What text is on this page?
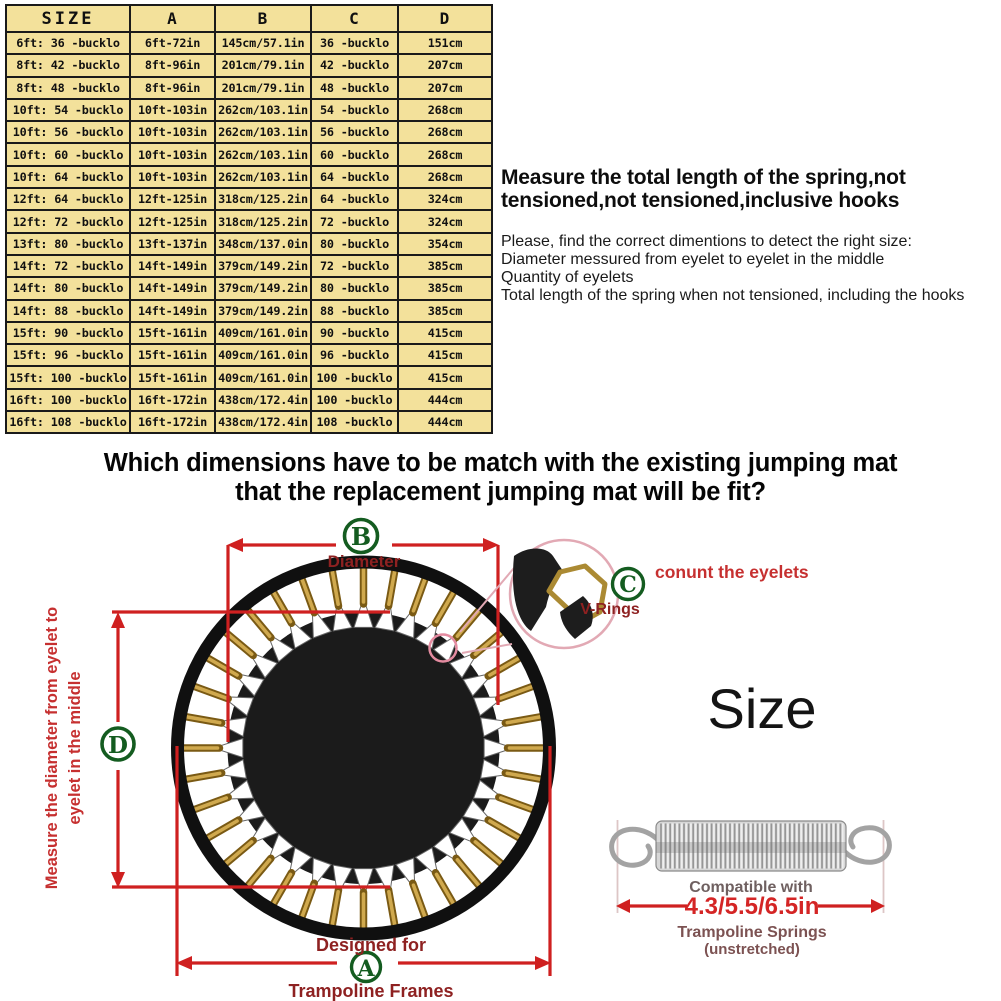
SIZE	A	B	C	D
6ft: 36 -bucklo	6ft-72in	145cm/57.1in	36 -bucklo	151cm
8ft: 42 -bucklo	8ft-96in	201cm/79.1in	42 -bucklo	207cm
8ft: 48 -bucklo	8ft-96in	201cm/79.1in	48 -bucklo	207cm
10ft: 54 -bucklo	10ft-103in	262cm/103.1in	54 -bucklo	268cm
10ft: 56 -bucklo	10ft-103in	262cm/103.1in	56 -bucklo	268cm
10ft: 60 -bucklo	10ft-103in	262cm/103.1in	60 -bucklo	268cm
10ft: 64 -bucklo	10ft-103in	262cm/103.1in	64 -bucklo	268cm
12ft: 64 -bucklo	12ft-125in	318cm/125.2in	64 -bucklo	324cm
12ft: 72 -bucklo	12ft-125in	318cm/125.2in	72 -bucklo	324cm
13ft: 80 -bucklo	13ft-137in	348cm/137.0in	80 -bucklo	354cm
14ft: 72 -bucklo	14ft-149in	379cm/149.2in	72 -bucklo	385cm
14ft: 80 -bucklo	14ft-149in	379cm/149.2in	80 -bucklo	385cm
14ft: 88 -bucklo	14ft-149in	379cm/149.2in	88 -bucklo	385cm
15ft: 90 -bucklo	15ft-161in	409cm/161.0in	90 -bucklo	415cm
15ft: 96 -bucklo	15ft-161in	409cm/161.0in	96 -bucklo	415cm
15ft: 100 -bucklo	15ft-161in	409cm/161.0in	100 -bucklo	415cm
16ft: 100 -bucklo	16ft-172in	438cm/172.4in	100 -bucklo	444cm
16ft: 108 -bucklo	16ft-172in	438cm/172.4in	108 -bucklo	444cm
Measure the total length of the spring,not tensioned,not tensioned,inclusive hooks
Please, find the correct dimentions to detect the right size:
Diameter messured from eyelet to eyelet in the middle
Quantity of eyelets
Total length of the spring when not tensioned, including the hooks
Which dimensions have to be match with the existing jumping mat that the replacement jumping mat will be fit?
B
C
D
A
Diameter
V-Rings
conunt the eyelets
Measure the diameter from eyelet to eyelet in the middle
Designed for
Trampoline Frames
Size
Compatible with
4.3/5.5/6.5in
Trampoline Springs
(unstretched)
